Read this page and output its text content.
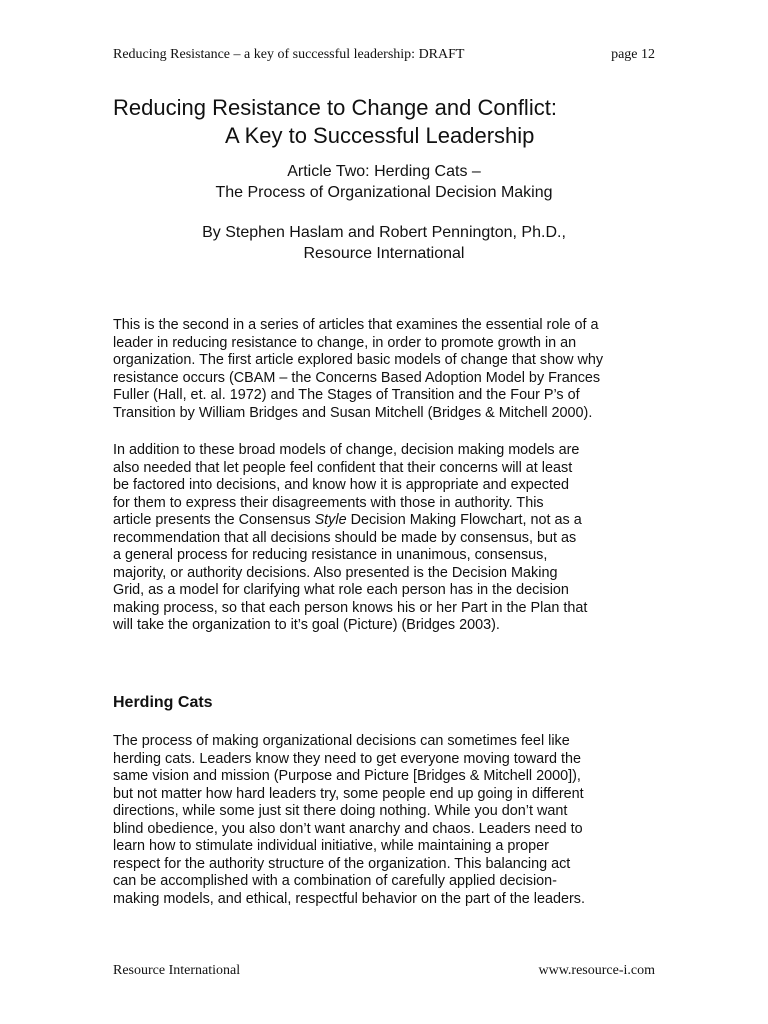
Reducing Resistance – a key of successful leadership: DRAFT	page 12
Reducing Resistance to Change and Conflict:
A Key to Successful Leadership
Article Two: Herding Cats –
The Process of Organizational Decision Making
By Stephen Haslam and Robert Pennington, Ph.D.,
Resource International

This is the second in a series of articles that examines the essential role of a
leader in reducing resistance to change, in order to promote growth in an
organization. The first article explored basic models of change that show why
resistance occurs (CBAM – the Concerns Based Adoption Model by Frances
Fuller (Hall, et. al. 1972) and The Stages of Transition and the Four P’s of
Transition by William Bridges and Susan Mitchell (Bridges & Mitchell 2000).

In addition to these broad models of change, decision making models are
also needed that let people feel confident that their concerns will at least
be factored into decisions, and know how it is appropriate and expected
for them to express their disagreements with those in authority. This
article presents the Consensus Style Decision Making Flowchart, not as a
recommendation that all decisions should be made by consensus, but as
a general process for reducing resistance in unanimous, consensus,
majority, or authority decisions. Also presented is the Decision Making
Grid, as a model for clarifying what role each person has in the decision
making process, so that each person knows his or her Part in the Plan that
will take the organization to it’s goal (Picture) (Bridges 2003).

Herding Cats

The process of making organizational decisions can sometimes feel like
herding cats. Leaders know they need to get everyone moving toward the
same vision and mission (Purpose and Picture [Bridges & Mitchell 2000]),
but not matter how hard leaders try, some people end up going in different
directions, while some just sit there doing nothing. While you don’t want
blind obedience, you also don’t want anarchy and chaos. Leaders need to
learn how to stimulate individual initiative, while maintaining a proper
respect for the authority structure of the organization. This balancing act
can be accomplished with a combination of carefully applied decision-
making models, and ethical, respectful behavior on the part of the leaders.

Resource International	www.resource-i.com
